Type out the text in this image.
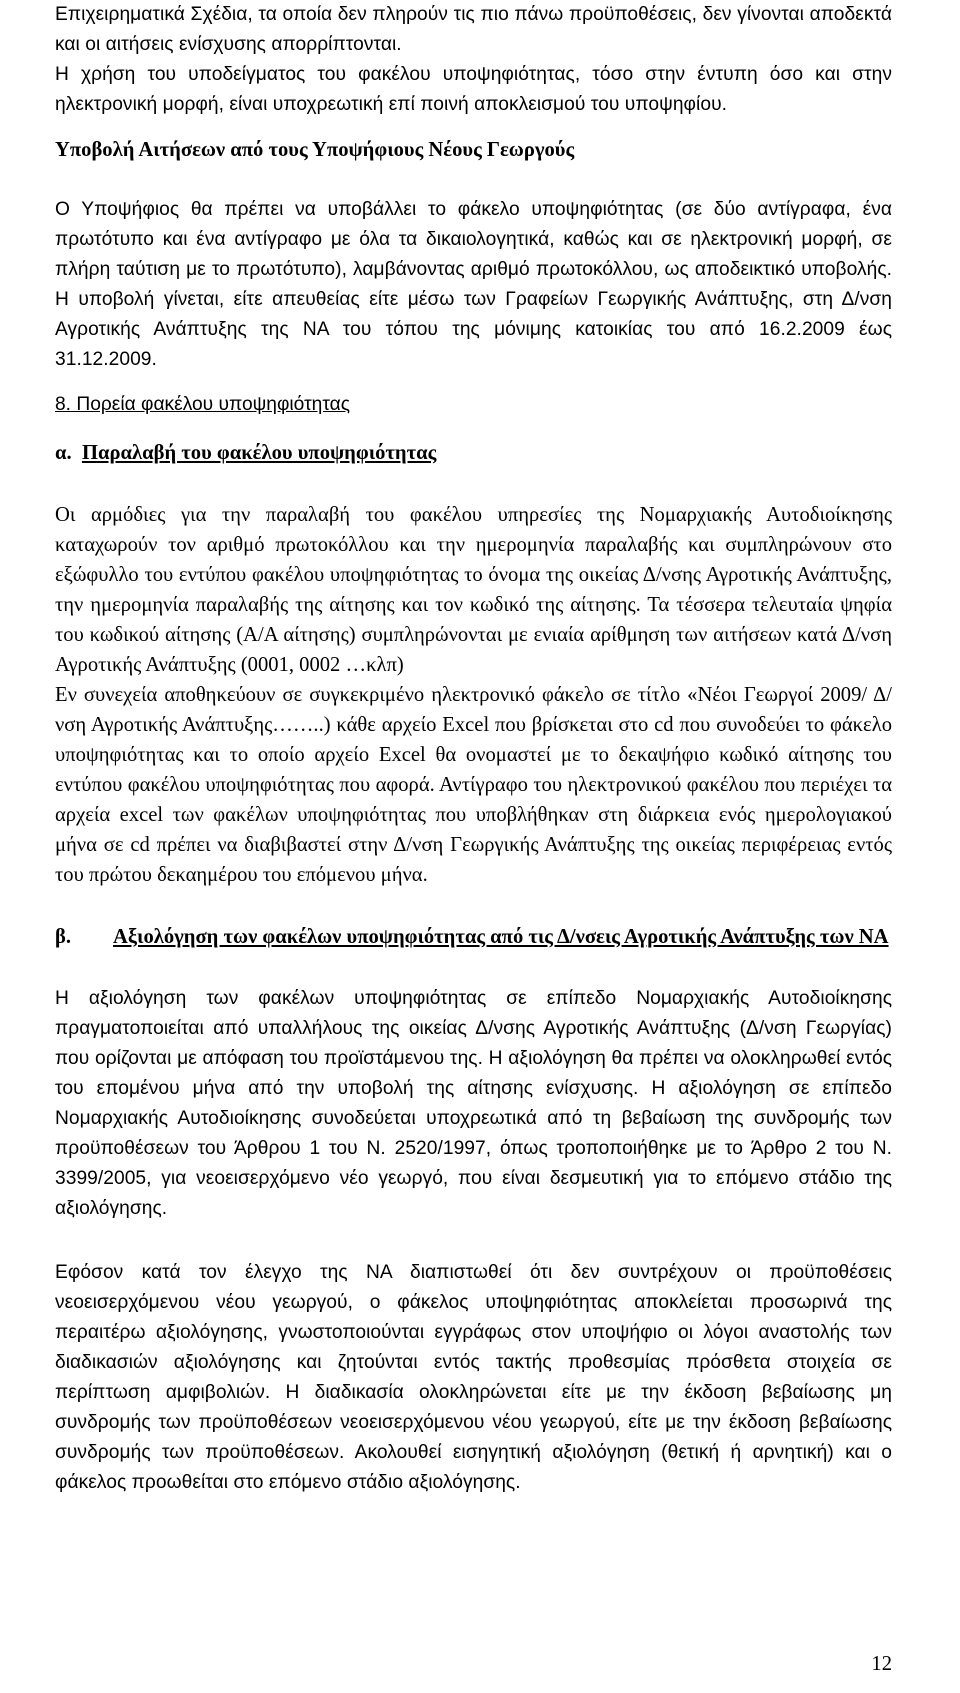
Επιχειρηματικά Σχέδια, τα οποία δεν πληρούν τις πιο πάνω προϋποθέσεις, δεν γίνονται αποδεκτά και οι αιτήσεις ενίσχυσης απορρίπτονται.

Η χρήση του υποδείγματος του φακέλου υποψηφιότητας, τόσο στην έντυπη όσο και στην ηλεκτρονική μορφή, είναι υποχρεωτική επί ποινή αποκλεισμού του υποψηφίου.

Υποβολή Αιτήσεων από τους Υποψήφιους Νέους Γεωργούς

Ο Υποψήφιος θα πρέπει να υποβάλλει το φάκελο υποψηφιότητας (σε δύο αντίγραφα, ένα πρωτότυπο και ένα αντίγραφο με όλα τα δικαιολογητικά, καθώς και σε ηλεκτρονική μορφή, σε πλήρη ταύτιση με το πρωτότυπο), λαμβάνοντας αριθμό πρωτοκόλλου, ως αποδεικτικό υποβολής. Η υποβολή γίνεται, είτε απευθείας είτε μέσω των Γραφείων Γεωργικής Ανάπτυξης, στη Δ/νση Αγροτικής Ανάπτυξης της ΝΑ του τόπου της μόνιμης κατοικίας του από 16.2.2009 έως 31.12.2009.

8. Πορεία φακέλου υποψηφιότητας

α. Παραλαβή του φακέλου υποψηφιότητας

Οι αρμόδιες για την παραλαβή του φακέλου υπηρεσίες της Νομαρχιακής Αυτοδιοίκησης καταχωρούν τον αριθμό πρωτοκόλλου και την ημερομηνία παραλαβής και συμπληρώνουν στο εξώφυλλο του εντύπου φακέλου υποψηφιότητας το όνομα της οικείας Δ/νσης Αγροτικής Ανάπτυξης, την ημερομηνία παραλαβής της αίτησης και τον κωδικό της αίτησης. Τα τέσσερα τελευταία ψηφία του κωδικού αίτησης (Α/Α αίτησης) συμπληρώνονται με ενιαία αρίθμηση των αιτήσεων κατά Δ/νση Αγροτικής Ανάπτυξης (0001, 0002 …κλπ)

Εν συνεχεία αποθηκεύουν σε συγκεκριμένο ηλεκτρονικό φάκελο σε τίτλο «Νέοι Γεωργοί 2009/ Δ/νση Αγροτικής Ανάπτυξης……..) κάθε αρχείο Excel που βρίσκεται στο cd που συνοδεύει το φάκελο υποψηφιότητας και το οποίο αρχείο Excel θα ονομαστεί με το δεκαψήφιο κωδικό αίτησης του εντύπου φακέλου υποψηφιότητας που αφορά. Αντίγραφο του ηλεκτρονικού φακέλου που περιέχει τα αρχεία excel των φακέλων υποψηφιότητας που υποβλήθηκαν στη διάρκεια ενός ημερολογιακού μήνα σε cd πρέπει να διαβιβαστεί στην Δ/νση Γεωργικής Ανάπτυξης της οικείας περιφέρειας εντός του πρώτου δεκαημέρου του επόμενου μήνα.

β. Αξιολόγηση των φακέλων υποψηφιότητας από τις Δ/νσεις Αγροτικής Ανάπτυξης των ΝΑ

Η αξιολόγηση των φακέλων υποψηφιότητας σε επίπεδο Νομαρχιακής Αυτοδιοίκησης πραγματοποιείται από υπαλλήλους της οικείας Δ/νσης Αγροτικής Ανάπτυξης (Δ/νση Γεωργίας) που ορίζονται με απόφαση του προϊστάμενου της. Η αξιολόγηση θα πρέπει να ολοκληρωθεί εντός του επομένου μήνα από την υποβολή της αίτησης ενίσχυσης. Η αξιολόγηση σε επίπεδο Νομαρχιακής Αυτοδιοίκησης συνοδεύεται υποχρεωτικά από τη βεβαίωση της συνδρομής των προϋποθέσεων του Άρθρου 1 του Ν. 2520/1997, όπως τροποποιήθηκε με το Άρθρο 2 του Ν. 3399/2005, για νεοεισερχόμενο νέο γεωργό, που είναι δεσμευτική για το επόμενο στάδιο της αξιολόγησης.

Εφόσον κατά τον έλεγχο της ΝΑ διαπιστωθεί ότι δεν συντρέχουν οι προϋποθέσεις νεοεισερχόμενου νέου γεωργού, ο φάκελος υποψηφιότητας αποκλείεται προσωρινά της περαιτέρω αξιολόγησης, γνωστοποιούνται εγγράφως στον υποψήφιο οι λόγοι αναστολής των διαδικασιών αξιολόγησης και ζητούνται εντός τακτής προθεσμίας πρόσθετα στοιχεία σε περίπτωση αμφιβολιών. Η διαδικασία ολοκληρώνεται είτε με την έκδοση βεβαίωσης μη συνδρομής των προϋποθέσεων νεοεισερχόμενου νέου γεωργού, είτε με την έκδοση βεβαίωσης συνδρομής των προϋποθέσεων. Ακολουθεί εισηγητική αξιολόγηση (θετική ή αρνητική) και ο φάκελος προωθείται στο επόμενο στάδιο αξιολόγησης.

12
